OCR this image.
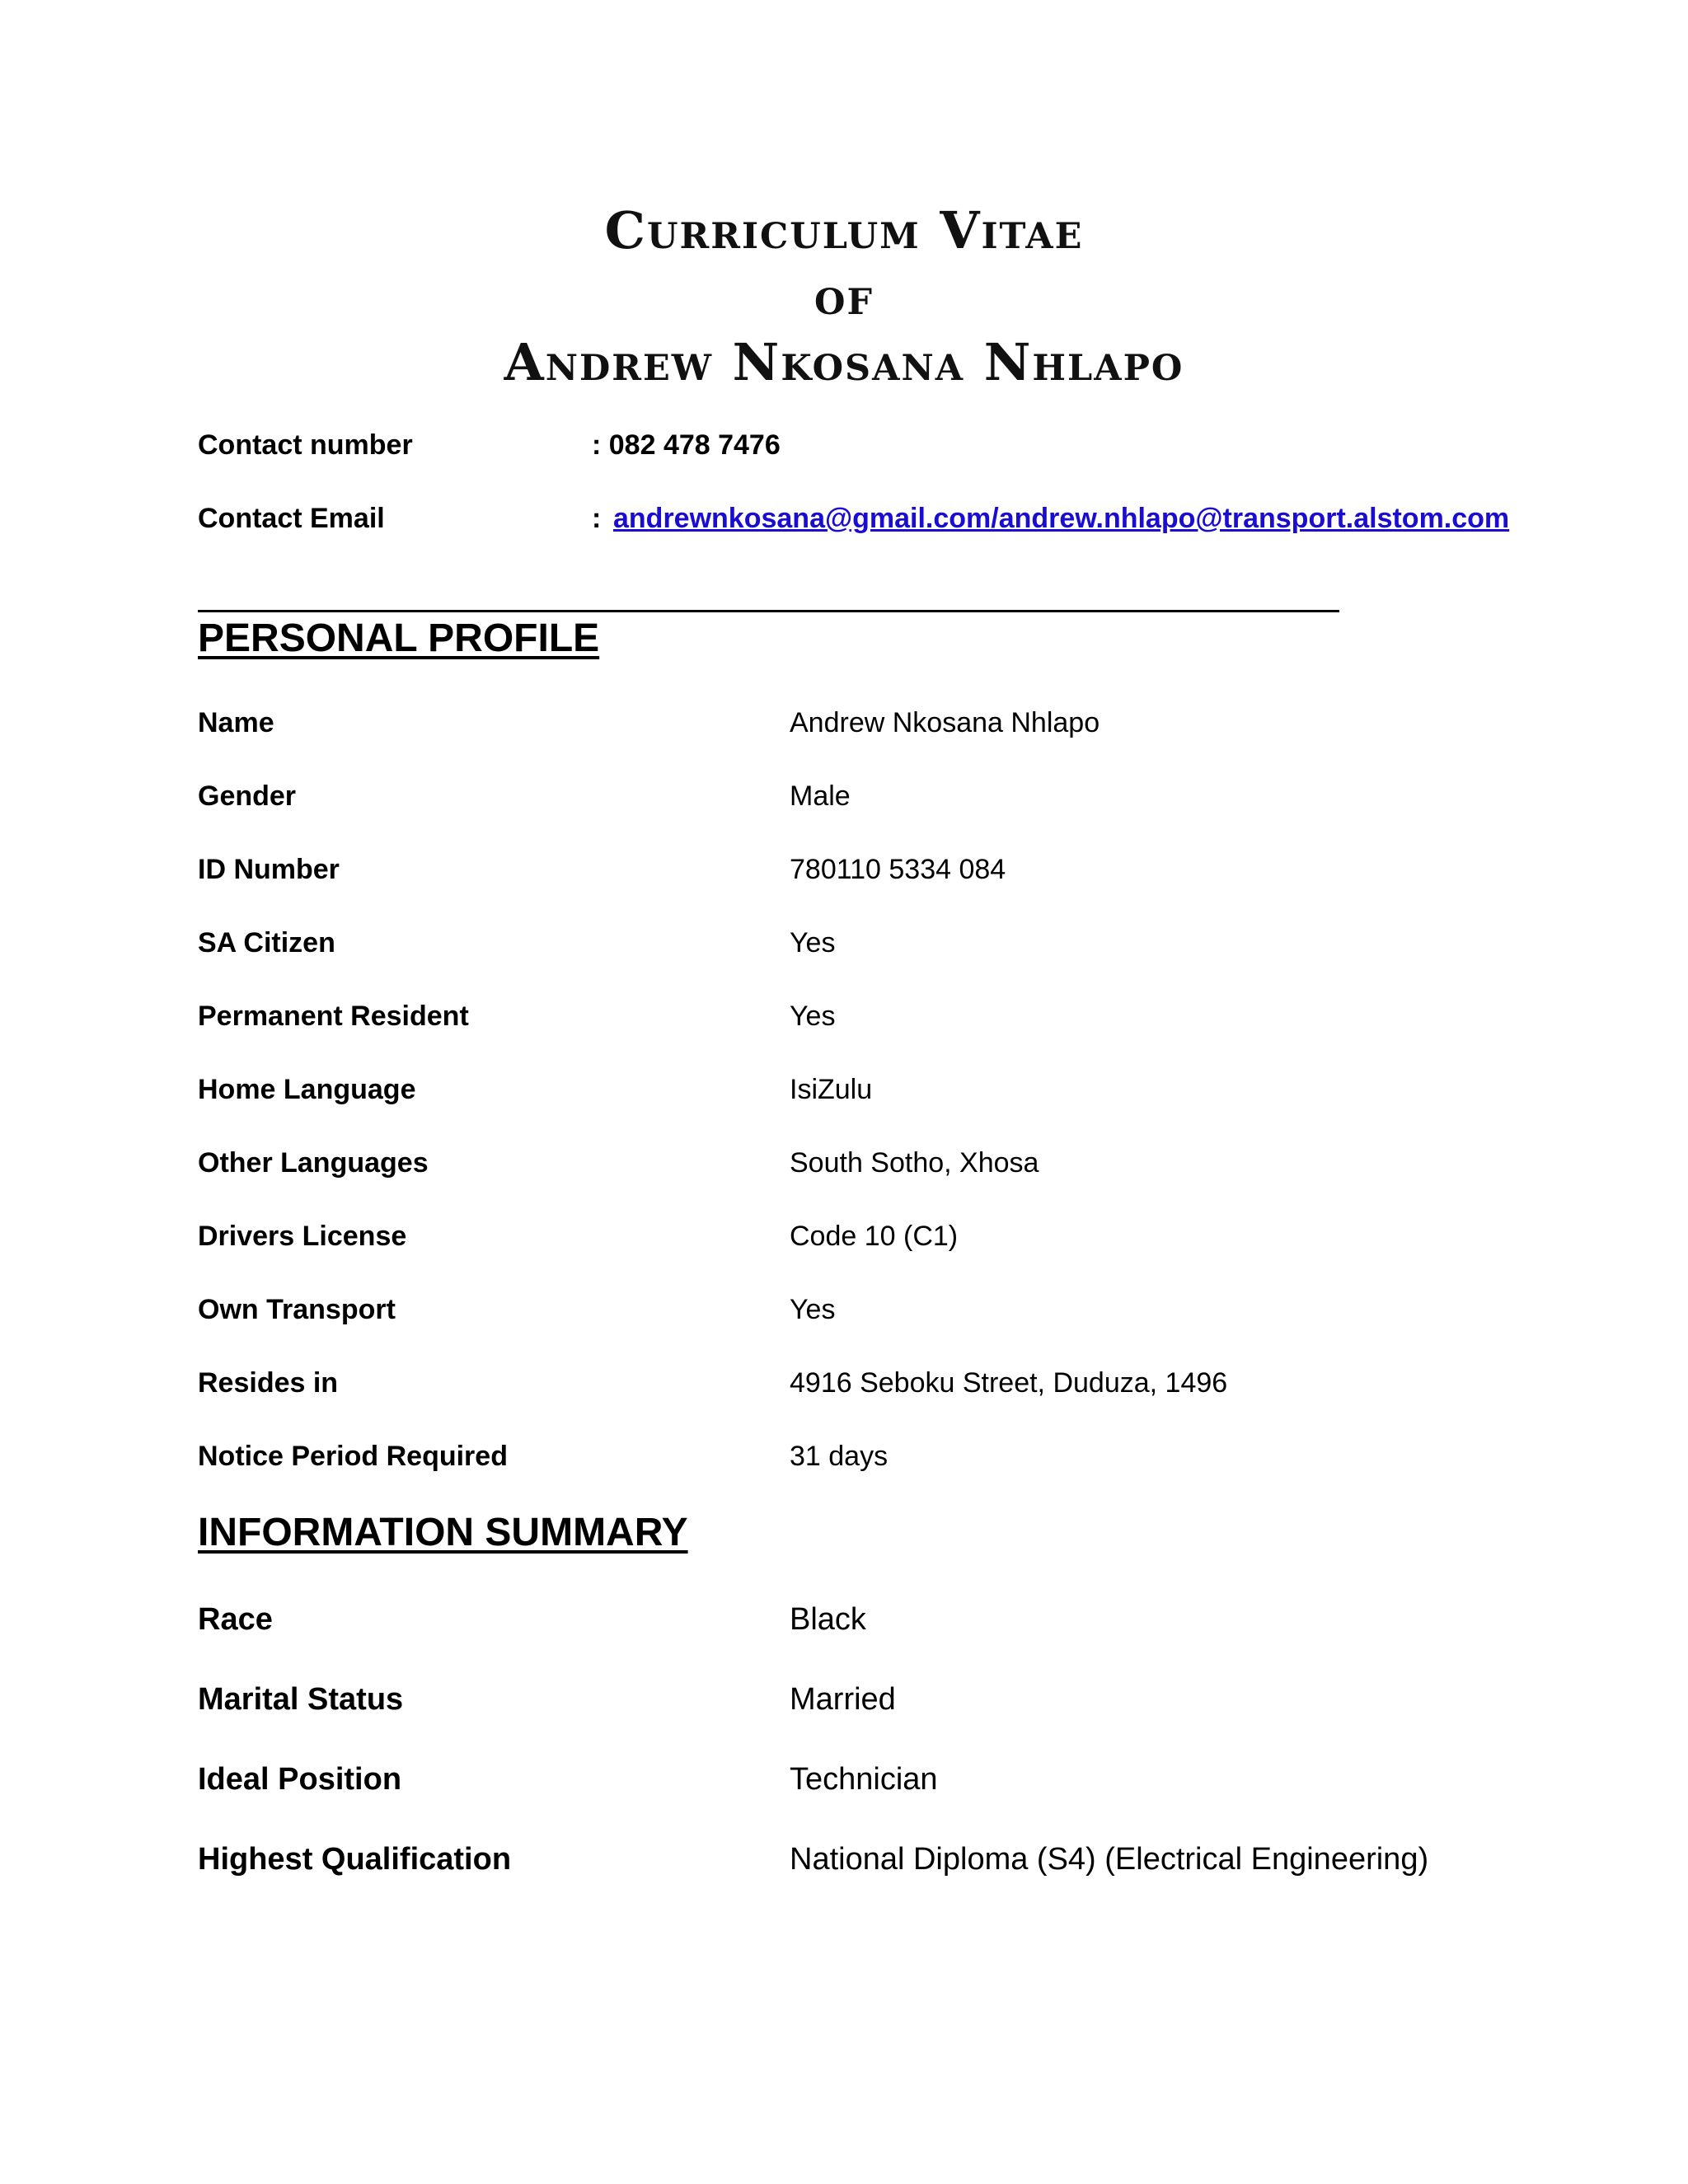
Curriculum Vitae
of
Andrew Nkosana Nhlapo
Contact number	: 082 478 7476
Contact Email	: andrewnkosana@gmail.com/andrew.nhlapo@transport.alstom.com
PERSONAL PROFILE
Name	Andrew Nkosana Nhlapo
Gender	Male
ID Number	780110 5334 084
SA Citizen	Yes
Permanent Resident	Yes
Home Language	IsiZulu
Other Languages	South Sotho, Xhosa
Drivers License	Code 10 (C1)
Own Transport	Yes
Resides in	4916 Seboku Street, Duduza, 1496
Notice Period Required	31 days
INFORMATION SUMMARY
Race	Black
Marital Status	Married
Ideal Position	Technician
Highest Qualification	National Diploma (S4) (Electrical Engineering)
